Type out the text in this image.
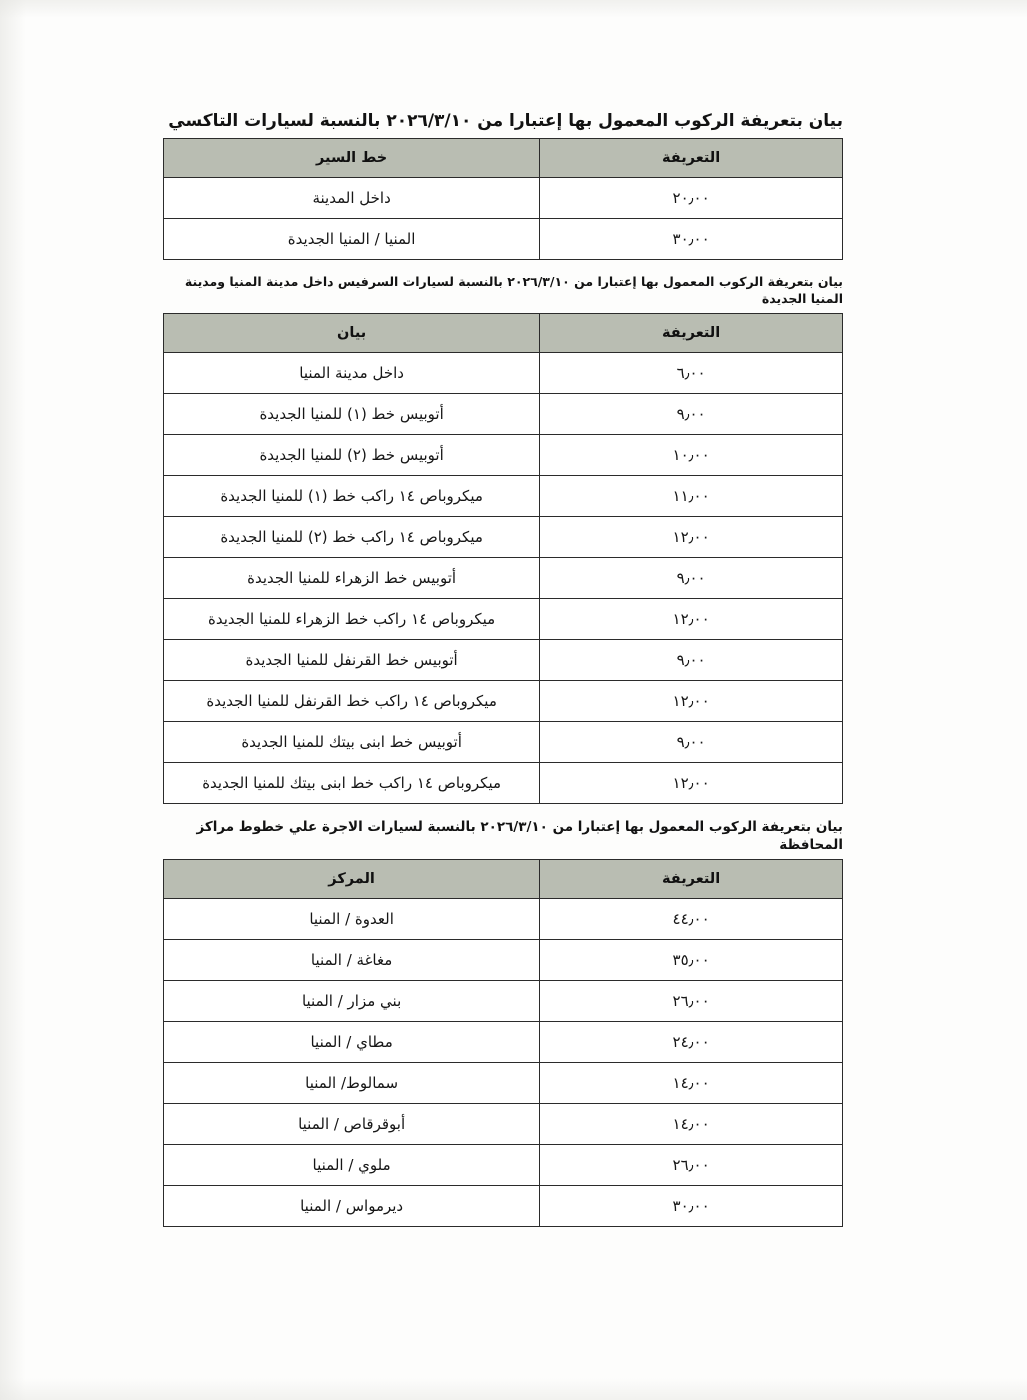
بيان بتعريفة الركوب المعمول بها إعتبارا من ٢٠٢٦/٣/١٠ بالنسبة لسيارات التاكسي

التعريفة	خط السير
٢٠٫٠٠	داخل المدينة
٣٠٫٠٠	المنيا / المنيا الجديدة

بيان بتعريفة الركوب المعمول بها إعتبارا من ٢٠٢٦/٣/١٠ بالنسبة لسيارات السرفيس داخل مدينة المنيا ومدينة المنيا الجديدة

التعريفة	بيان
٦٫٠٠	داخل مدينة المنيا
٩٫٠٠	أتوبيس خط (١) للمنيا الجديدة
١٠٫٠٠	أتوبيس خط (٢) للمنيا الجديدة
١١٫٠٠	ميكروباص ١٤ راكب خط (١) للمنيا الجديدة
١٢٫٠٠	ميكروباص ١٤ راكب خط (٢) للمنيا الجديدة
٩٫٠٠	أتوبيس خط الزهراء للمنيا الجديدة
١٢٫٠٠	ميكروباص ١٤ راكب خط الزهراء للمنيا الجديدة
٩٫٠٠	أتوبيس خط القرنفل للمنيا الجديدة
١٢٫٠٠	ميكروباص ١٤ راكب خط القرنفل للمنيا الجديدة
٩٫٠٠	أتوبيس خط ابنى بيتك للمنيا الجديدة
١٢٫٠٠	ميكروباص ١٤ راكب خط ابنى بيتك للمنيا الجديدة

بيان بتعريفة الركوب المعمول بها إعتبارا من ٢٠٢٦/٣/١٠ بالنسبة لسيارات الاجرة علي خطوط مراكز المحافظة

التعريفة	المركز
٤٤٫٠٠	العدوة / المنيا
٣٥٫٠٠	مغاغة / المنيا
٢٦٫٠٠	بني مزار / المنيا
٢٤٫٠٠	مطاي / المنيا
١٤٫٠٠	سمالوط/ المنيا
١٤٫٠٠	أبوقرقاص / المنيا
٢٦٫٠٠	ملوي / المنيا
٣٠٫٠٠	ديرمواس / المنيا
